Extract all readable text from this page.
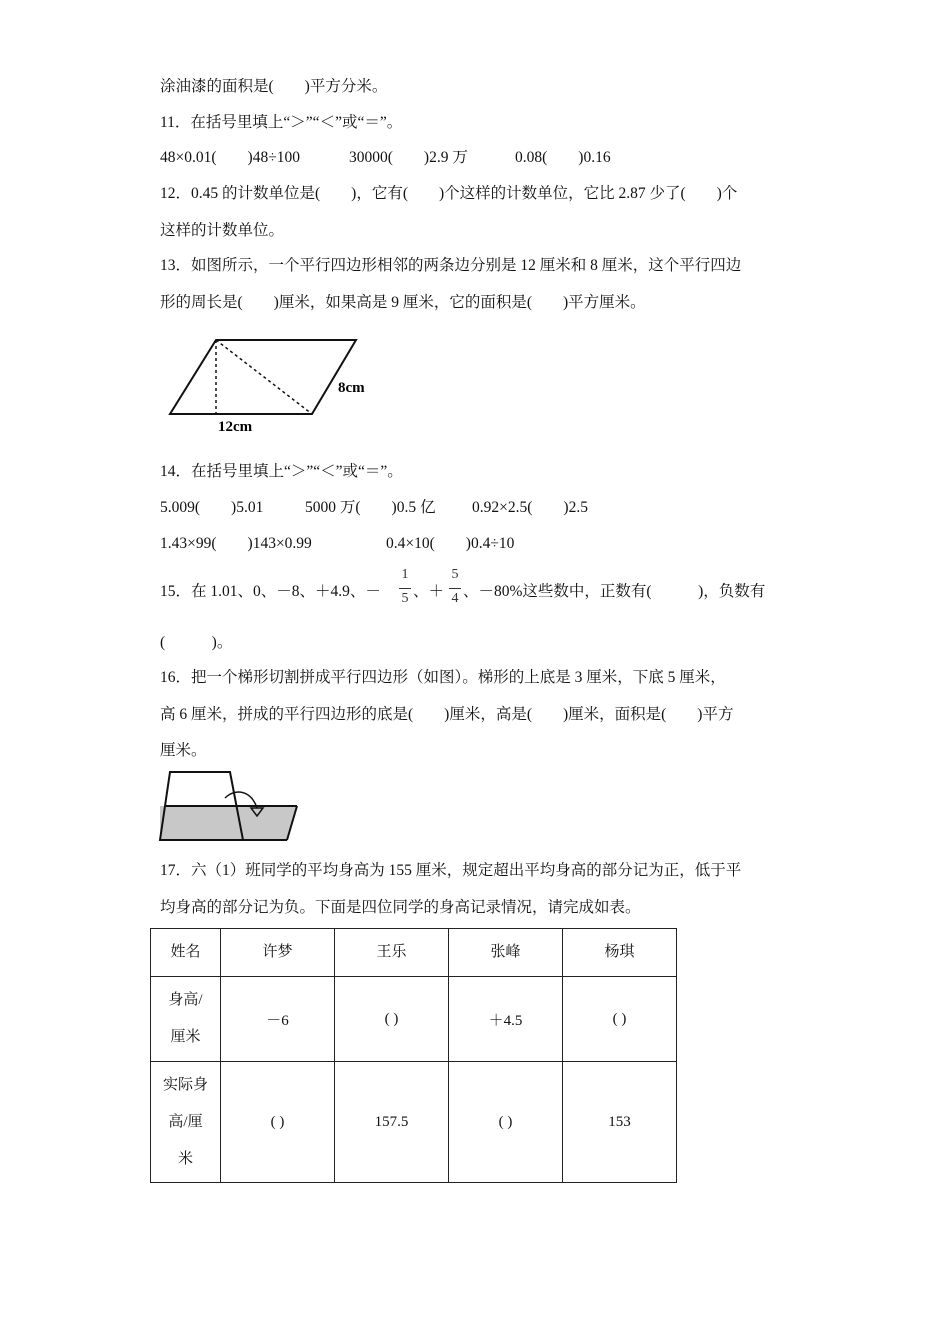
涂油漆的面积是(        )平方分米。
11．在括号里填上“＞”“＜”或“＝”。
48×0.01(        )48÷100	30000(        )2.9 万	0.08(        )0.16
12．0.45 的计数单位是(        )，它有(        )个这样的计数单位，它比 2.87 少了(        )个
这样的计数单位。
13．如图所示，一个平行四边形相邻的两条边分别是 12 厘米和 8 厘米，这个平行四边
形的周长是(        )厘米，如果高是 9 厘米，它的面积是(        )平方厘米。
8cm
12cm
14．在括号里填上“＞”“＜”或“＝”。
5.009(        )5.01	5000 万(        )0.5 亿 0.92×2.5(        )2.5
1.43×99(        )143×0.99	0.4×10(        )0.4÷10
15．在 1.01、0、－8、＋4.9、－
1
5 、＋
5
4 、－80%这些数中，正数有(            )，负数有
(            )。
16．把一个梯形切割拼成平行四边形（如图）。梯形的上底是 3 厘米，下底 5 厘米，
高 6 厘米，拼成的平行四边形的底是(        )厘米，高是(        )厘米，面积是(        )平方
厘米。
17．六（1）班同学的平均身高为 155 厘米，规定超出平均身高的部分记为正，低于平
均身高的部分记为负。下面是四位同学的身高记录情况，请完成如表。
姓名	许梦	王乐	张峰	杨琪

身高/
厘米	－6	( )	＋4.5	( )

实际身
高/厘
米	( )	157.5	( )	153
